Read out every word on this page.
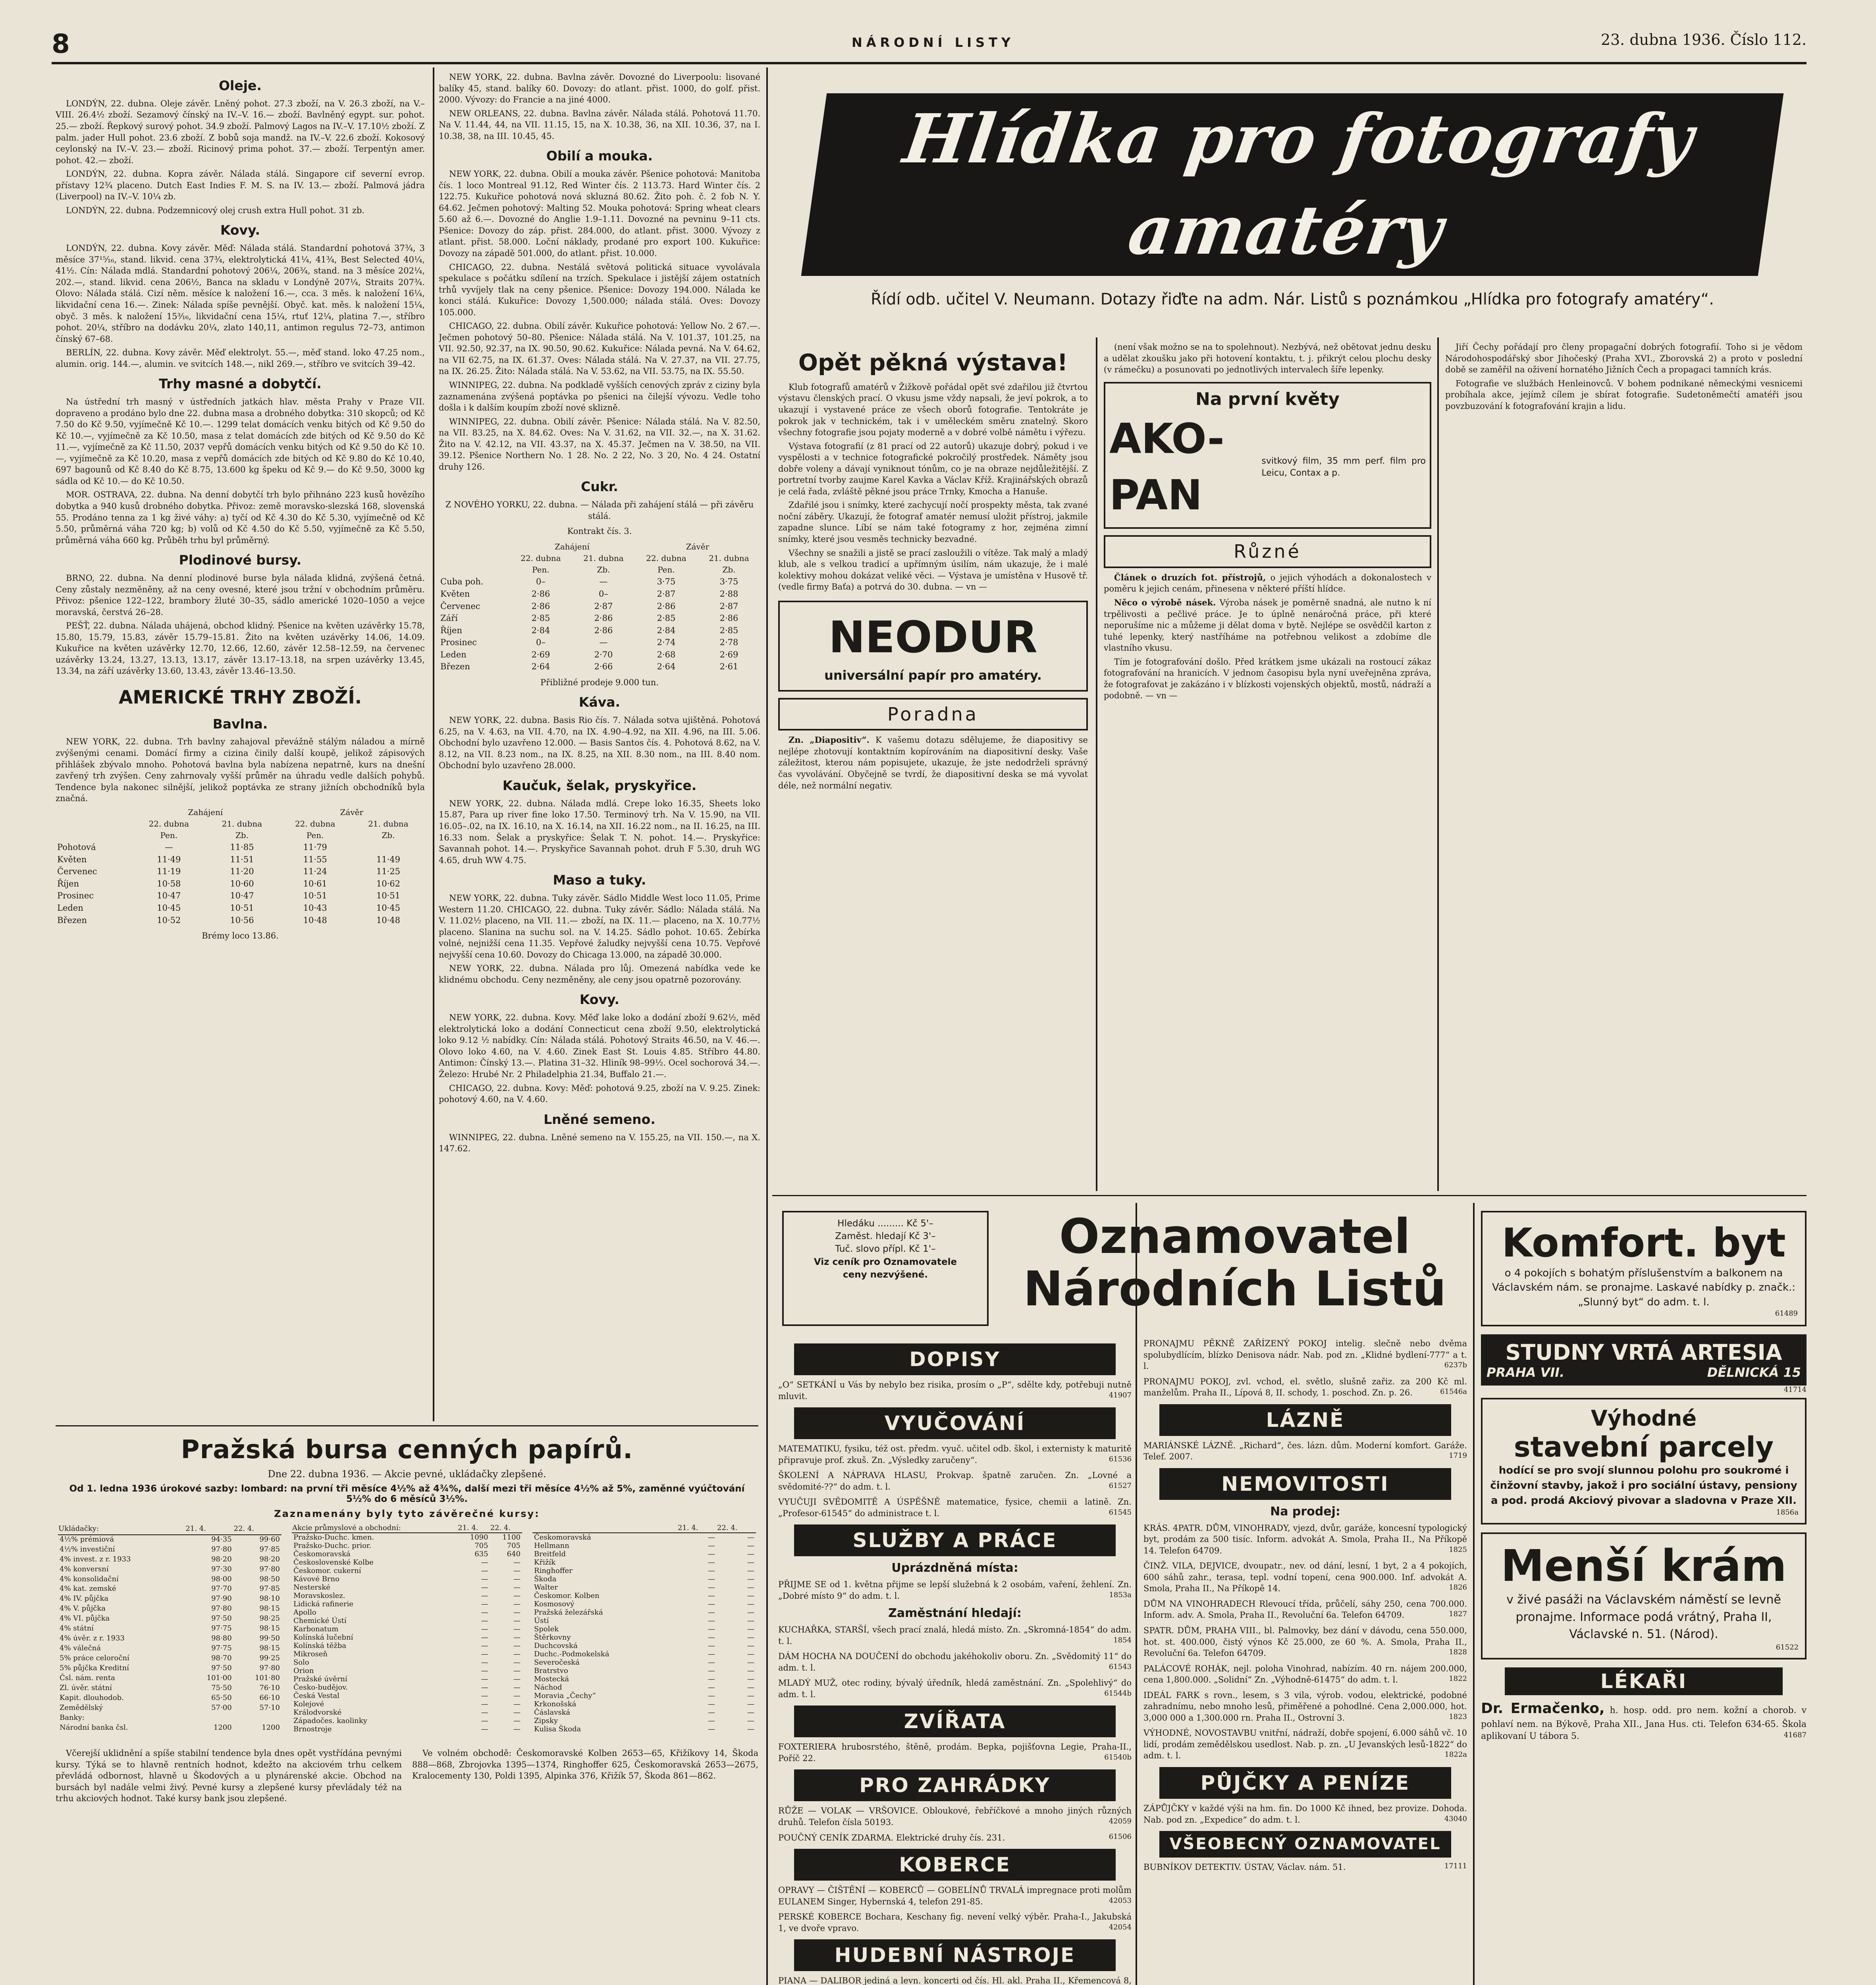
8	NÁRODNÍ LISTY	23. dubna 1936. Číslo 112.
Oleje.

LONDÝN, 22. dubna. Oleje závěr. Lněný pohot. 27.3 zboží, na V. 26.3 zboží, na V.–VIII. 26.4½ zboží. Sezamový čínský na IV.–V. 16.— zboží. Bavlněný egypt. sur. pohot. 25.— zboží. Řepkový surový pohot. 34.9 zboží. Palmový Lagos na IV.–V. 17.10½ zboží. Z palm. jader Hull pohot. 23.6 zboží. Z bobů soja mandž. na IV.–V. 22.6 zboží. Kokosový ceylonský na IV.–V. 23.— zboží. Ricinový prima pohot. 37.— zboží. Terpentýn amer. pohot. 42.— zboží.

LONDÝN, 22. dubna. Kopra závěr. Nálada stálá. Singapore cif severní evrop. přístavy 12¾ placeno. Dutch East Indies F. M. S. na IV. 13.— zboží. Palmová jádra (Liverpool) na IV.–V. 10¼ zb.

LONDÝN, 22. dubna. Podzemnicový olej crush extra Hull pohot. 31 zb.

Kovy.

LONDÝN, 22. dubna. Kovy závěr. Měď: Nálada stálá. Standardní pohotová 37¾, 3 měsíce 37¹⁵⁄₁₆, stand. likvid. cena 37¾, elektrolytická 41¼, 41¾, Best Selected 40¼, 41½. Cín: Nálada mdlá. Standardní pohotový 206¼, 206¾, stand. na 3 měsíce 202¼, 202.—, stand. likvid. cena 206½, Banca na skladu v Londýně 207¼, Straits 207¾. Olovo: Nálada stálá. Cizí něm. měsíce k naložení 16.—, cca. 3 měs. k naložení 16¼, likvidační cena 16.—. Zinek: Nálada spíše pevnější. Obyč. kat. měs. k naložení 15¼, obyč. 3 měs. k naložení 15³⁄₁₆, likvidační cena 15¼, rtuť 12¼, platina 7.—, stříbro pohot. 20¼, stříbro na dodávku 20¼, zlato 140,11, antimon regulus 72–73, antimon čínský 67–68.

BERLÍN, 22. dubna. Kovy závěr. Měď elektrolyt. 55.—, měď stand. loko 47.25 nom., alumin. orig. 144.—, alumin. ve svitcích 148.—, nikl 269.—, stříbro ve svitcích 39–42.

Trhy masné a dobytčí.

Na ústřední trh masný v ústředních jatkách hlav. města Prahy v Praze VII. dopraveno a prodáno bylo dne 22. dubna masa a drobného dobytka: 310 skopců; od Kč 7.50 do Kč 9.50, vyjímečně Kč 10.—. 1299 telat domácích venku bitých od Kč 9.50 do Kč 10.—, vyjímečně za Kč 10.50, masa z telat domácích zde bitých od Kč 9.50 do Kč 11.—, vyjímečně za Kč 11.50, 2037 vepřů domácích venku bitých od Kč 9.50 do Kč 10.—, vyjímečně za Kč 10.20, masa z vepřů domácích zde bitých od Kč 9.80 do Kč 10.40, 697 bagounů od Kč 8.40 do Kč 8.75, 13.600 kg špeku od Kč 9.— do Kč 9.50, 3000 kg sádla od Kč 10.— do Kč 10.50.

MOR. OSTRAVA, 22. dubna. Na denní dobytčí trh bylo přihnáno 223 kusů hovězího dobytka a 940 kusů drobného dobytka. Přivoz: země moravsko-slezská 168, slovenská 55. Prodáno tenna za 1 kg živé váhy: a) tyčí od Kč 4.30 do Kč 5.30, vyjímečně od Kč 5.50, průměrná váha 720 kg; b) volů od Kč 4.50 do Kč 5.50, vyjímečně za Kč 5.50, průměrná váha 660 kg. Průběh trhu byl průměrný.

Plodinové bursy.

BRNO, 22. dubna. Na denní plodinové burse byla nálada klidná, zvýšená četná. Ceny zůstaly nezměněny, až na ceny ovesné, které jsou tržní v obchodním průměru. Přivoz: pšenice 122–122, brambory žluté 30–35, sádlo americké 1020–1050 a vejce moravská, čerstvá 26–28.

PEŠŤ, 22. dubna. Nálada uhájená, obchod klidný. Pšenice na květen uzávěrky 15.78, 15.80, 15.79, 15.83, závěr 15.79–15.81. Žito na květen uzávěrky 14.06, 14.09. Kukuřice na květen uzávěrky 12.70, 12.66, 12.60, závěr 12.58–12.59, na červenec uzávěrky 13.24, 13.27, 13.13, 13.17, závěr 13.17–13.18, na srpen uzávěrky 13.45, 13.34, na září uzávěrky 13.60, 13.43, závěr 13.46–13.50.

AMERICKÉ TRHY ZBOŽÍ.
Bavlna.

NEW YORK, 22. dubna. Trh bavlny zahajoval převážně stálým náladou a mírně zvýšenými cenami. Domácí firmy a cizina činily další koupě, jelikož zápisových přihlášek zbývalo mnoho. Pohotová bavlna byla nabízena nepatrně, kurs na dnešní zavřený trh zvýšen. Ceny zahrnovaly vyšší průměr na úhradu vedle dalších pohybů. Tendence byla nakonec silnější, jelikož poptávka ze strany jižních obchodníků byla značná.

	Zahájení		Závěr	
	22. dubna	21. dubna	22. dubna	21. dubna
	Pen.	Zb.	Pen.	Zb.
Pohotová	—	11·85	11·79	
Květen	11·49	11·51	11·55	11·49
Červenec	11·19	11·20	11·24	11·25
Říjen	10·58	10·60	10·61	10·62
Prosinec	10·47	10·47	10·51	10·51
Leden	10·45	10·51	10·43	10·45
Březen	10·52	10·56	10·48	10·48
Brémy loco 13.86.

NEW YORK, 22. dubna. Bavlna závěr. Dovozné do Liverpoolu: lisované balíky 45, stand. balíky 60. Dovozy: do atlant. přist. 1000, do golf. přist. 2000. Vývozy: do Francie a na jiné 4000.

NEW ORLEANS, 22. dubna. Bavlna závěr. Nálada stálá. Pohotová 11.70. Na V. 11.44, 44, na VII. 11.15, 15, na X. 10.38, 36, na XII. 10.36, 37, na I. 10.38, 38, na III. 10.45, 45.

Obilí a mouka.

NEW YORK, 22. dubna. Obilí a mouka závěr. Pšenice pohotová: Manitoba čís. 1 loco Montreal 91.12, Red Winter čís. 2 113.73. Hard Winter čís. 2 122.75. Kukuřice pohotová nová skluzná 80.62. Žito poh. č. 2 fob N. Y. 64.62. Ječmen pohotový: Malting 52. Mouka pohotová: Spring wheat clears 5.60 až 6.—. Dovozné do Anglie 1.9–1.11. Dovozné na pevninu 9–11 cts. Pšenice: Dovozy do záp. přist. 284.000, do atlant. přist. 3000. Vývozy z atlant. přist. 58.000. Loční náklady, prodané pro export 100. Kukuřice: Dovozy na západě 501.000, do atlant. přist. 10.000.

CHICAGO, 22. dubna. Nestálá světová politická situace vyvolávala spekulace s počátku sdílení na trzích. Spekulace i jistější zájem ostatních trhů vyvíjely tlak na ceny pšenice. Pšenice: Dovozy 194.000. Nálada ke konci stálá. Kukuřice: Dovozy 1,500.000; nálada stálá. Oves: Dovozy 105.000.

CHICAGO, 22. dubna. Obilí závěr. Kukuřice pohotová: Yellow No. 2 67.—. Ječmen pohotový 50–80. Pšenice: Nálada stálá. Na V. 101.37, 101.25, na VII. 92.50, 92.37, na IX. 90.50, 90.62. Kukuřice: Nálada pevná. Na V. 64.62, na VII 62.75, na IX. 61.37. Oves: Nálada stálá. Na V. 27.37, na VII. 27.75, na IX. 26.25. Žito: Nálada stálá. Na V. 53.62, na VII. 53.75, na IX. 55.50.

WINNIPEG, 22. dubna. Na podkladě vyšších cenových zpráv z ciziny byla zaznamenána zvýšená poptávka po pšenici na čilejší vývozu. Vedle toho došla i k dalším koupím zboží nové sklizně.

WINNIPEG, 22. dubna. Obilí závěr. Pšenice: Nálada stálá. Na V. 82.50, na VII. 83.25, na X. 84.62. Oves: Na V. 31.62, na VII. 32.—, na X. 31.62. Žito na V. 42.12, na VII. 43.37, na X. 45.37. Ječmen na V. 38.50, na VII. 39.12. Pšenice Northern No. 1 28. No. 2 22, No. 3 20, No. 4 24. Ostatní druhy 126.

Cukr.
Z NOVÉHO YORKU, 22. dubna. — Nálada při zahájení stálá — při závěru stálá.
Kontrakt čís. 3.
	Zahájení		Závěr	
	22. dubna	21. dubna	22. dubna	21. dubna
	Pen.	Zb.	Pen.	Zb.
Cuba poh.	0–	—	3·75	3·75
Květen	2·86	0–	2·87	2·88
Červenec	2·86	2·87	2·86	2·87
Září	2·85	2·86	2·85	2·86
Říjen	2·84	2·86	2·84	2·85
Prosinec	0–	—	2·74	2·78
Leden	2·69	2·70	2·68	2·69
Březen	2·64	2·66	2·64	2·61
Přibližné prodeje 9.000 tun.
Káva.

NEW YORK, 22. dubna. Basis Rio čís. 7. Nálada sotva ujištěná. Pohotová 6.25, na V. 4.63, na VII. 4.70, na IX. 4.90–4.92, na XII. 4.96, na III. 5.06. Obchodní bylo uzavřeno 12.000. — Basis Santos čís. 4. Pohotová 8.62, na V. 8.12, na VII. 8.23 nom., na IX. 8.25, na XII. 8.30 nom., na III. 8.40 nom. Obchodní bylo uzavřeno 28.000.

Kaučuk, šelak, pryskyřice.

NEW YORK, 22. dubna. Nálada mdlá. Crepe loko 16.35, Sheets loko 15.87, Para up river fine loko 17.50. Terminový trh. Na V. 15.90, na VII. 16.05–.02, na IX. 16.10, na X. 16.14, na XII. 16.22 nom., na II. 16.25, na III. 16.33 nom. Šelak a pryskyřice: Šelak T. N. pohot. 14.—. Pryskyřice: Savannah pohot. 14.—. Pryskyřice Savannah pohot. druh F 5.30, druh WG 4.65, druh WW 4.75.

Maso a tuky.

NEW YORK, 22. dubna. Tuky závěr. Sádlo Middle West loco 11.05, Prime Western 11.20. CHICAGO, 22. dubna. Tuky závěr. Sádlo: Nálada stálá. Na V. 11.02½ placeno, na VII. 11.— zboží, na IX. 11.— placeno, na X. 10.77½ placeno. Slanina na suchu sol. na V. 14.25. Sádlo pohot. 10.65. Žebírka volné, nejnižší cena 11.35. Vepřové žaludky nejvyšší cena 10.75. Vepřové nejvyšší cena 10.60. Dovozy do Chicaga 13.000, na západě 30.000.

NEW YORK, 22. dubna. Nálada pro lůj. Omezená nabídka vede ke klidnému obchodu. Ceny nezměněny, ale ceny jsou opatrně pozorovány.

Kovy.

NEW YORK, 22. dubna. Kovy. Měď lake loko a dodání zboží 9.62½, měď elektrolytická loko a dodání Connecticut cena zboží 9.50, elektrolytická loko 9.12 ½ nabídky. Cín: Nálada stálá. Pohotový Straits 46.50, na V. 46.—. Olovo loko 4.60, na V. 4.60. Zinek East St. Louis 4.85. Stříbro 44.80. Antimon: Čínský 13.—. Platina 31–32. Hliník 98–99½. Ocel sochorová 34.—. Železo: Hrubé Nr. 2 Philadelphia 21.34, Buffalo 21.—.

CHICAGO, 22. dubna. Kovy: Měď: pohotová 9.25, zboží na V. 9.25. Zinek: pohotový 4.60, na V. 4.60.

Lněné semeno.

WINNIPEG, 22. dubna. Lněné semeno na V. 155.25, na VII. 150.—, na X. 147.62.

Pražská bursa cenných papírů.
Dne 22. dubna 1936. — Akcie pevné, ukládačky zlepšené.
Od 1. ledna 1936 úrokové sazby: lombard: na první tři měsíce 4½% až 4¾%, další mezi tři měsíce 4½% až 5%, zaměnné vyúčtování 5½% do 6 měsíců 3½%.
Zaznamenány byly tyto závěrečné kursy:
Ukládačky:	21. 4.	22. 4.
4½% prémiová	94·35	99·60
4½% investiční	97·80	97·85
4% invest. z r. 1933	98·20	98·20
4% konversní	97·30	97·80
4% konsolidační	98·00	98·50
4% kat. zemské	97·70	97·85
4% IV. půjčka	97·90	98·10
4% V. půjčka	97·80	98·15
4% VI. půjčka	97·50	98·25
4% státní	97·75	98·15
4% úvěr. z r. 1933	98·80	99·50
4% válečná	97·75	98·15
5% práce celoroční	98·70	99·25
5% půjčka Kreditní	97·50	97·80
Čsl. nám. renta	101·00	101·80
Zl. úvěr. státní	75·50	76·10
Kapit. dlouhodob.	65·50	66·10
Zemědělský	57·00	57·10
Banky:		
Národní banka čsl.	1200	1200
Akcie průmyslové a obchodní:	21. 4.	22. 4.
Pražsko-Duchc. kmen.	1090	1100
Pražsko-Duchc. prior.	705	705
Českomoravská	635	640
Československé Kolbe	—	—
Českomor. cukerní	—	—
Kávové Brno	—	—
Nesterské	—	—
Moravskoslez.	—	—
Lidická rafinerie	—	—
Apollo	—	—
Chemické Ústí	—	—
Karbonatum	—	—
Kolínská lučební	—	—
Kolínská těžba	—	—
Mikroseň	—	—
Solo	—	—
Orion	—	—
Pražské úvěrní	—	—
Česko-budějov.	—	—
Česká Vestal	—	—
Kolejové	—	—
Králodvorské	—	—
Západočes. kaolinky	—	—
Brnostroje	—	—
	21. 4.	22. 4.
Českomoravská	—	—
Hellmann	—	—
Breitfeld	—	—
Křižík	—	—
Ringhoffer	—	—
Škoda	—	—
Walter	—	—
Českomor. Kolben	—	—
Kosmosový	—	—
Pražská železářská	—	—
Ústí	—	—
Spolek	—	—
Štěrkovny	—	—
Duchcovská	—	—
Duchc.-Podmokelská	—	—
Severočeská	—	—
Bratrstvo	—	—
Mostecká	—	—
Náchod	—	—
Moravia „Čechy“	—	—
Krkonošská	—	—
Čáslavská	—	—
Zipsky	—	—
Kulisa Škoda	—	—

Včerejší uklidnění a spíše stabilní tendence byla dnes opět vystřídána pevnými kursy. Týká se to hlavně rentních hodnot, kdežto na akciovém trhu celkem převládá odbornost, hlavně u Škodových a u plynárenské akcie. Obchod na bursách byl nadále velmi živý. Pevné kursy a zlepšené kursy převládaly též na trhu akciových hodnot. Také kursy bank jsou zlepšené.

Ve volném obchodě: Českomoravské Kolben 2653—65, Křižíkovy 14, Škoda 888—868, Zbrojovka 1395—1374, Ringhoffer 625, Českomoravská 2653—2675, Kralocementy 130, Poldi 1395, Alpinka 376, Křižík 57, Škoda 861—862.

Hlídka pro fotografy amatéry
Řídí odb. učitel V. Neumann. Dotazy řiďte na adm. Nár. Listů s poznámkou „Hlídka pro fotografy amatéry“.
Opět pěkná výstava!

Klub fotografů amatérů v Žižkově pořádal opět své zdařilou již čtvrtou výstavu členských prací. O vkusu jsme vždy napsali, že jeví pokrok, a to ukazují i vystavené práce ze všech oborů fotografie. Tentokráte je pokrok jak v technickém, tak i v uměleckém směru znatelný. Skoro všechny fotografie jsou pojaty moderně a v dobré volbě námětu i výřezu.

Výstava fotografií (z 81 prací od 22 autorů) ukazuje dobrý, pokud i ve vyspělosti a v technice fotografické pokročilý prostředek. Náměty jsou dobře voleny a dávají vyniknout tónům, co je na obraze nejdůležitější. Z portretní tvorby zaujme Karel Kavka a Václav Kříž. Krajinářských obrazů je celá řada, zvláště pěkné jsou práce Trnky, Kmocha a Hanuše.

Zdařilé jsou i snímky, které zachycují nočí prospekty města, tak zvané noční záběry. Ukazují, že fotograf amatér nemusí uložit přístroj, jakmile zapadne slunce. Líbí se nám také fotogramy z hor, zejména zimní snímky, které jsou vesměs technicky bezvadné.

Všechny se snažili a jistě se prací zasloužili o vítěze. Tak malý a mladý klub, ale s velkou tradicí a upřímným úsilím, nám ukazuje, že i malé kolektivy mohou dokázat veliké věci. — Výstava je umístěna v Husově tř. (vedle firmy Baťa) a potrvá do 30. dubna. — vn —

NEODUR
universální papír pro amatéry.
Poradna

Zn. „Diapositiv“. K vašemu dotazu sdělujeme, že diapositivy se nejlépe zhotovují kontaktním kopírováním na diapositivní desky. Vaše záležitost, kterou nám popisujete, ukazuje, že jste nedodrželi správný čas vyvolávání. Obyčejně se tvrdí, že diapositivní deska se má vyvolat déle, než normální negativ.

(není však možno se na to spolehnout). Nezbývá, než obětovat jednu desku a udělat zkoušku jako při hotovení kontaktu, t. j. přikrýt celou plochu desky (v rámečku) a posunovati po jednotlivých intervalech šíře lepenky.

Na první květy
AKO-PAN
svitkový film, 35 mm perf. film pro Leicu, Contax a p.
Různé

Článek o druzích fot. přístrojů, o jejich výhodách a dokonalostech v poměru k jejich cenám, přinesena v některé příští hlídce.

Něco o výrobě násek. Výroba násek je poměrně snadná, ale nutno k ní trpělivosti a pečlivé práce. Je to úplně nenáročná práce, při které neporušíme nic a můžeme ji dělat doma v bytě. Nejlépe se osvědčil karton z tuhé lepenky, který nastříháme na potřebnou velikost a zdobíme dle vlastního vkusu.

Tím je fotografování došlo. Před krátkem jsme ukázali na rostoucí zákaz fotografování na hranicích. V jednom časopisu byla nyní uveřejněna zpráva, že fotografovat je zakázáno i v blízkosti vojenských objektů, mostů, nádraží a podobně. — vn —

Jiří Čechy pořádají pro členy propagační dobrých fotografií. Toho si je vědom Národohospodářský sbor Jihočeský (Praha XVI., Zborovská 2) a proto v poslední době se zaměřil na oživení hornatého Jižních Čech a propagaci tamních krás.

Fotografie ve službách Henleinovců. V bohem podnikané německými vesnicemi probíhala akce, jejímž cílem je sbírat fotografie. Sudetoněmečtí amatéři jsou povzbuzování k fotografování krajin a lidu.

Hledáku ......... Kč 5'–
Zaměst. hledají Kč 3'–
Tuč. slovo přípl. Kč 1'–
Viz ceník pro Oznamovatele
ceny nezvýšené.
Oznamovatel Národních Listů
DOPISY
„O“ SETKÁNÍ u Vás by nebylo bez risika, prosím o „P“, sdělte kdy, potřebuji nutně mluvit.	41907
VYUČOVÁNÍ
MATEMATIKU, fysiku, též ost. předm. vyuč. učitel odb. škol, i externisty k maturitě připravuje prof. zkuš. Zn. „Výsledky zaručeny“.	61536
ŠKOLENÍ A NÁPRAVA HLASU, Prokvap. špatně zaručen. Zn. „Lovné a svědomité-??“ do adm. t. l.	61527
VYUČUJI SVĚDOMITĚ A ÚSPĚŠNĚ matematice, fysice, chemii a latině. Zn. „Profesor-61545“ do administrace t. l.	61545
SLUŽBY A PRÁCE
Uprázdněná místa:
PŘIJME SE od 1. května přijme se lepší služebná k 2 osobám, vaření, žehlení. Zn. „Dobré místo 9“ do adm. t. l.	1853a
Zaměstnání hledají:
KUCHAŘKA, STARŠÍ, všech prací znalá, hledá místo. Zn. „Skromná-1854“ do adm. t. l.	1854
DÁM HOCHA NA DOUČENÍ do obchodu jakéhokoliv oboru. Zn. „Svědomitý 11“ do adm. t. l.	61543
MLADÝ MUŽ, otec rodiny, bývalý úředník, hledá zaměstnání. Zn. „Spolehlivý“ do adm. t. l.	61544b
ZVÍŘATA
FOXTERIERA hrubosrstého, štěně, prodám. Bepka, pojišťovna Legie, Praha-II., Poříč 22.	61540b
PRO ZAHRÁDKY
RŮŽE — VOLAK — VRŠOVICE. Obloukové, řebříčkové a mnoho jiných různých druhů. Telefon čísla 50193.	42059
POUČNÝ CENÍK ZDARMA. Elektrické druhy čís. 231.	61506
KOBERCE
OPRAVY — ČIŠTĚNÍ — KOBERCŮ — GOBELÍNŮ TRVALÁ impregnace proti molům EULANEM Singer, Hybernská 4, telefon 291-85.	42053
PERSKÉ KOBERCE Bochara, Keschany fig. nevení velký výběr. Praha-I., Jakubská 1, ve dvoře vpravo.	42054
HUDEBNÍ NÁSTROJE
PIANA — DALIBOR jediná a levn. koncerti od čís. Hl. akl. Praha II., Křemencová 8,
PRONAJMU PĚKNĚ ZAŘÍZENÝ POKOJ intelig. slečně nebo dvěma spolubydlícím, blízko Denisova nádr. Nab. pod zn. „Klidné bydlení-777“ a t. l.	6237b
PRONAJMU POKOJ, zvl. vchod, el. světlo, slušně zařiz. za 200 Kč ml. manželům. Praha II., Lípová 8, II. schody, 1. poschod. Zn. p. 26.	61546a
LÁZNĚ
MARIÁNSKÉ LÁZNĚ. „Richard“, čes. lázn. dům. Moderní komfort. Garáže. Telef. 2007.	1719
NEMOVITOSTI
Na prodej:
KRÁS. 4PATR. DŮM, VINOHRADY, vjezd, dvůr, garáže, koncesní typologický byt, prodám za 500 tisíc. Inform. advokát A. Smola, Praha II., Na Příkopě 14. Telefon 64709.	1825
ČINŽ. VILA, DEJVICE, dvoupatr., nev. od dání, lesní, 1 byt, 2 a 4 pokojích, 600 sáhů zahr., terasa, tepl. vodní topení, cena 900.000. Inf. advokát A. Smola, Praha II., Na Příkopě 14.	1826
DŮM NA VINOHRADECH Rlevoucí třída, průčelí, sáhy 250, cena 700.000. Inform. adv. A. Smola, Praha II., Revoluční 6a. Telefon 64709.	1827
SPATR. DŮM, PRAHA VIII., bl. Palmovky, bez dání v dávodu, cena 550.000, hot. st. 400.000, čistý výnos Kč 25.000, ze 60 %. A. Smola, Praha II., Revoluční 6a. Telefon 64709.	1828
PALÁCOVÉ ROHÁK, nejl. poloha Vinohrad, nabízím. 40 rn. nájem 200.000, cena 1,800.000. „Solidní“ Zn. „Výhodně-61475“ do adm. t. l.	1822
IDEÁL FARK s rovn., lesem, s 3 vila, výrob. vodou, elektrické, podobné zahradnímu, nebo mnoho lesů, přiměřené a pohodlné. Cena 2,000.000, hot. 3,000 000 a 1,300.000 rn. Praha II., Ostrovní 3.	1823
VÝHODNÉ, NOVOSTAVBU vnitřní, nádraží, dobře spojení, 6.000 sáhů vč. 10 lidí, prodám zemědělskou usedlost. Nab. p. zn. „U Jevanských lesů-1822“ do adm. t. l.	1822a
PŮJČKY A PENÍZE
ZÁPŮJČKY v každé výši na hm. fin. Do 1000 Kč ihned, bez provize. Dohoda. Nab. pod zn. „Expedice“ do adm. t. l.	43040
VŠEOBECNÝ OZNAMOVATEL
BUBNÍKOV DETEKTIV. ÚSTAV, Václav. nám. 51.	17111
Komfort. byt
o 4 pokojích s bohatým příslušenstvím a balkonem na Václavském nám. se pronajme. Laskavé nabídky p. značk.: „Slunný byt“ do adm. t. l.
61489
STUDNY VRTÁ ARTESIA
PRAHA VII.	DĚLNICKÁ 15
41714
Výhodné
stavební parcely
hodící se pro svojí slunnou polohu pro soukromé i činžovní stavby, jakož i pro sociální ústavy, pensiony a pod. prodá Akciový pivovar a sladovna v Praze XII.
1856a
Menší krám
v živé pasáži na Václavském náměstí se levně pronajme. Informace podá vrátný, Praha II, Václavské n. 51. (Národ).
61522
LÉKAŘI
Dr. Ermačenko, h. hosp. odd. pro nem. kožní a chorob. v pohlaví nem. na Býkově, Praha XII., Jana Hus. cti. Telefon 634-65. Škola aplikovaní U tábora 5.	41687
